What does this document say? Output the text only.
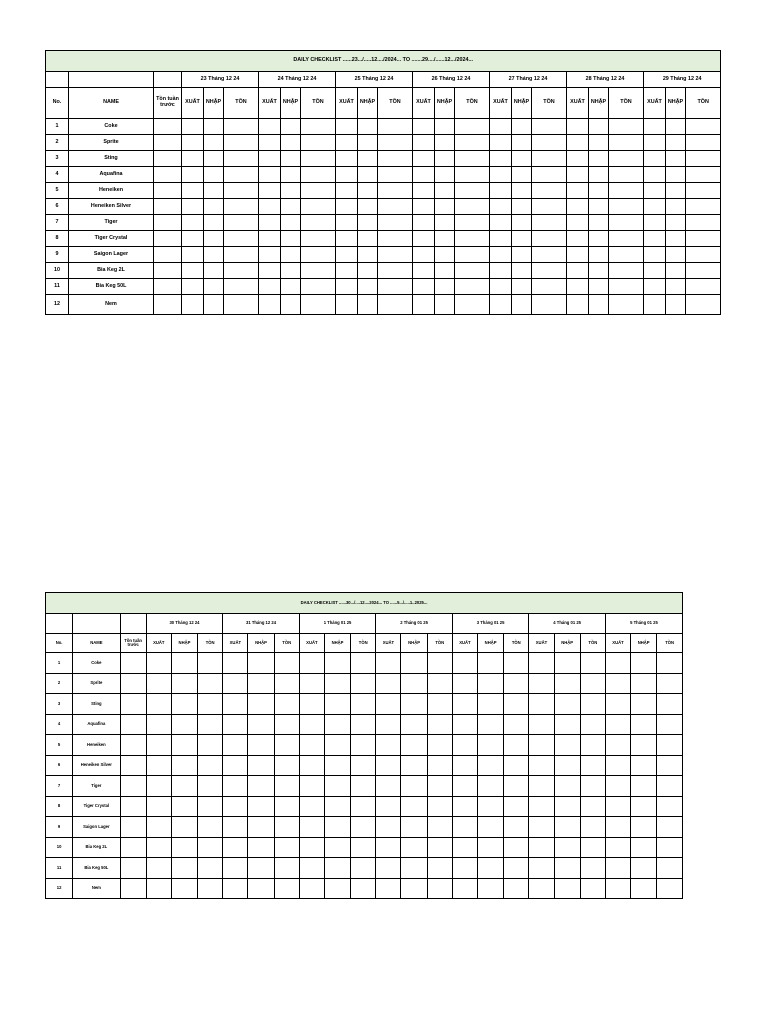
DAILY CHECKLIST ......23.../.....12..../2024... TO .......29..../......12.../2024...																							
			23 Tháng 12 24			24 Tháng 12 24			25 Tháng 12 24			26 Tháng 12 24			27 Tháng 12 24			28 Tháng 12 24			29 Tháng 12 24		
No.	NAME	Tồn tuần trước	XUẤT	NHẬP	TỒN	XUẤT	NHẬP	TỒN	XUẤT	NHẬP	TỒN	XUẤT	NHẬP	TỒN	XUẤT	NHẬP	TỒN	XUẤT	NHẬP	TỒN	XUẤT	NHẬP	TỒN
1	Coke																						
2	Sprite																						
3	Sting																						
4	Aquafina																						
5	Heneiken																						
6	Heneiken Silver																						
7	Tiger																						
8	Tiger Crystal																						
9	Saigon Lager																						
10	Bia Keg 2L																						
11	Bia Keg 50L																						
12	Nem																						
DAILY CHECKLIST ......30.../....12....2024... TO ......5.../.....1..2025...																							
			30 Tháng 12 24			31 Tháng 12 24			1 Tháng 01 25			2 Tháng 01 25			3 Tháng 01 25			4 Tháng 01 25			5 Tháng 01 25		
No.	NAME	Tồn tuần trước	XUẤT	NHẬP	TỒN	XUẤT	NHẬP	TỒN	XUẤT	NHẬP	TỒN	XUẤT	NHẬP	TỒN	XUẤT	NHẬP	TỒN	XUẤT	NHẬP	TỒN	XUẤT	NHẬP	TỒN
1	Coke																						
2	Sprite																						
3	Sting																						
4	Aquafina																						
5	Heneiken																						
6	Heneiken Silver																						
7	Tiger																						
8	Tiger Crystal																						
9	Saigon Lager																						
10	Bia Keg 2L																						
11	Bia Keg 50L																						
12	Nem																						
